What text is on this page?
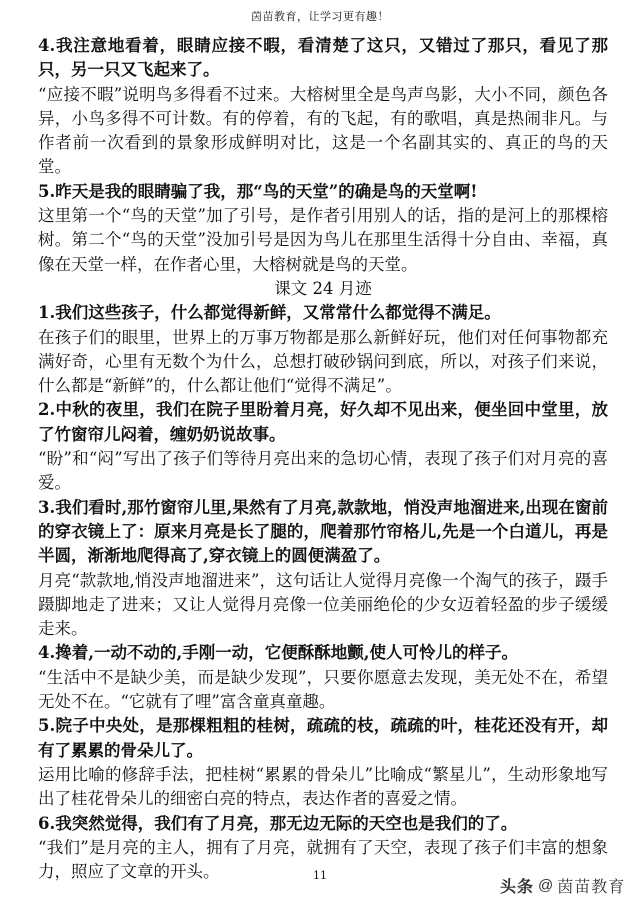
茵苗教育，让学习更有趣！

4.我注意地看着，眼睛应接不暇，看清楚了这只，又错过了那只，看见了那只，另一只又飞起来了。

“应接不暇”说明鸟多得看不过来。大榕树里全是鸟声鸟影，大小不同，颜色各异，小鸟多得不可计数。有的停着，有的飞起，有的歌唱，真是热闹非凡。与作者前一次看到的景象形成鲜明对比，这是一个名副其实的、真正的鸟的天堂。

5.昨天是我的眼睛骗了我，那“鸟的天堂”的确是鸟的天堂啊!

这里第一个“鸟的天堂”加了引号，是作者引用别人的话，指的是河上的那棵榕树。第二个“鸟的天堂”没加引号是因为鸟儿在那里生活得十分自由、幸福，真像在天堂一样，在作者心里，大榕树就是鸟的天堂。

课文 24 月迹

1.我们这些孩子，什么都觉得新鲜，又常常什么都觉得不满足。

在孩子们的眼里，世界上的万事万物都是那么新鲜好玩，他们对任何事物都充满好奇，心里有无数个为什么，总想打破砂锅问到底，所以，对孩子们来说，什么都是“新鲜”的，什么都让他们“觉得不满足”。

2.中秋的夜里，我们在院子里盼着月亮，好久却不见出来，便坐回中堂里，放了竹窗帘儿闷着，缠奶奶说故事。

“盼”和“闷”写出了孩子们等待月亮出来的急切心情，表现了孩子们对月亮的喜爱。

3.我们看时,那竹窗帘儿里,果然有了月亮,款款地，悄没声地溜进来,出现在窗前的穿衣镜上了：原来月亮是长了腿的，爬着那竹帘格儿,先是一个白道儿，再是半圆，渐渐地爬得高了,穿衣镜上的圆便满盈了。

月亮“款款地,悄没声地溜进来”，这句话让人觉得月亮像一个淘气的孩子，蹑手蹑脚地走了进来；又让人觉得月亮像一位美丽绝伦的少女迈着轻盈的步子缓缓走来。

4.搀着,一动不动的,手刚一动，它便酥酥地颤,使人可怜儿的样子。

“生活中不是缺少美，而是缺少发现”，只要你愿意去发现，美无处不在，希望无处不在。“它就有了哩”富含童真童趣。

5.院子中央处，是那棵粗粗的桂树，疏疏的枝，疏疏的叶，桂花还没有开，却有了累累的骨朵儿了。

运用比喻的修辞手法，把桂树“累累的骨朵儿”比喻成“繁星儿”，生动形象地写出了桂花骨朵儿的细密白亮的特点，表达作者的喜爱之情。

6.我突然觉得，我们有了月亮，那无边无际的天空也是我们的了。

“我们”是月亮的主人，拥有了月亮，就拥有了天空，表现了孩子们丰富的想象力，照应了文章的开头。	11
头条 @ 茵苗教育
